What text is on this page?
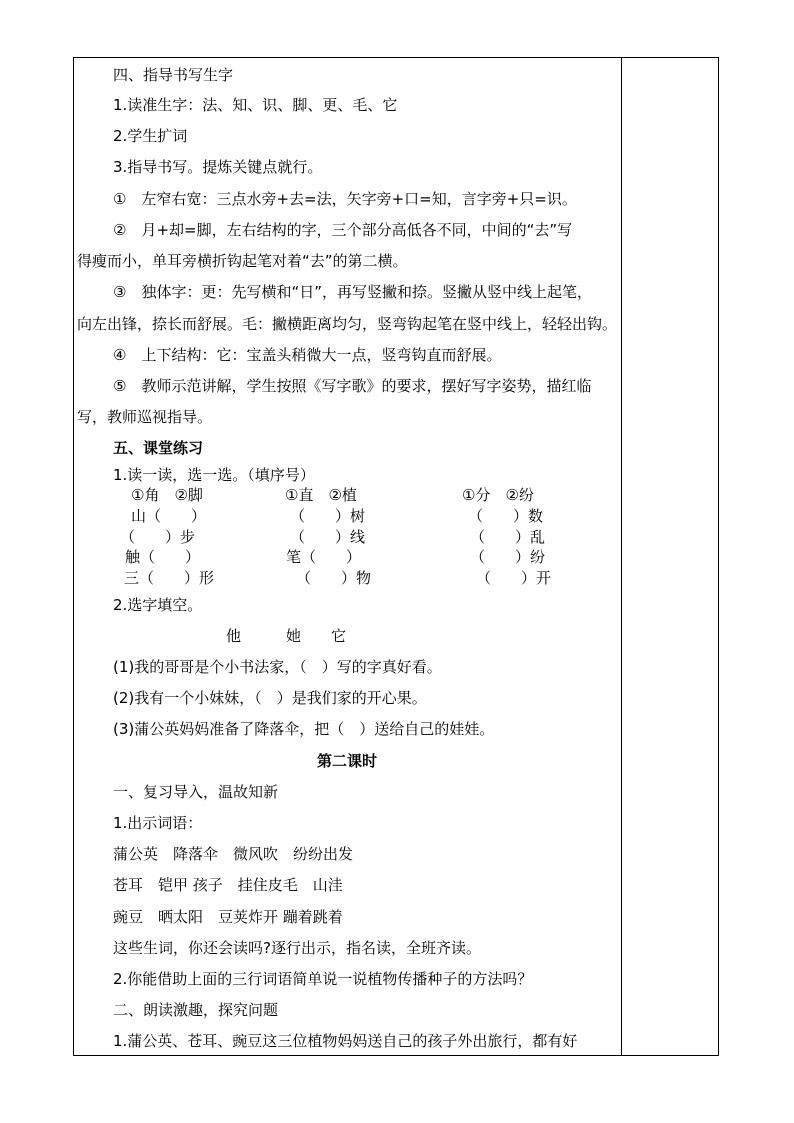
四、指导书写生字
1.读准生字：法、知、识、脚、更、毛、它
2.学生扩词
3.指导书写。提炼关键点就行。
①　左窄右宽：三点水旁+去=法，矢字旁+口=知，言字旁+只=识。
②　月+却=脚，左右结构的字，三个部分高低各不同，中间的“去”写
得瘦而小，单耳旁横折钩起笔对着“去”的第二横。
③　独体字：更：先写横和“日”，再写竖撇和捺。竖撇从竖中线上起笔，
向左出锋，捺长而舒展。毛：撇横距离均匀，竖弯钩起笔在竖中线上，轻轻出钩。
④　上下结构：它：宝盖头稍微大一点，竖弯钩直而舒展。
⑤　教师示范讲解，学生按照《写字歌》的要求，摆好写字姿势，描红临
写，教师巡视指导。
五、课堂练习
1.读一读，选一选。（填序号）
①角　②脚
山（　　）
（　　）步
触（　　）
三（　　）形
①直　②植
（　　）树
（　　）线
笔（　　）
（　　）物
①分　②纷
（　　）数
（　　）乱
（　　）纷
（　　）开
2.选字填空。
他　　　她　　它
(1)我的哥哥是个小书法家，（　）写的字真好看。
(2)我有一个小妹妹，（　）是我们家的开心果。
(3)蒲公英妈妈准备了降落伞，把（　）送给自己的娃娃。
第二课时
一、复习导入，温故知新
1.出示词语：
蒲公英　降落伞　微风吹　纷纷出发
苍耳　铠甲 孩子　挂住皮毛　山洼
豌豆　晒太阳　豆荚炸开 蹦着跳着
这些生词，你还会读吗?逐行出示，指名读，全班齐读。
2.你能借助上面的三行词语简单说一说植物传播种子的方法吗？
二、朗读激趣，探究问题
1.蒲公英、苍耳、豌豆这三位植物妈妈送自己的孩子外出旅行，都有好
